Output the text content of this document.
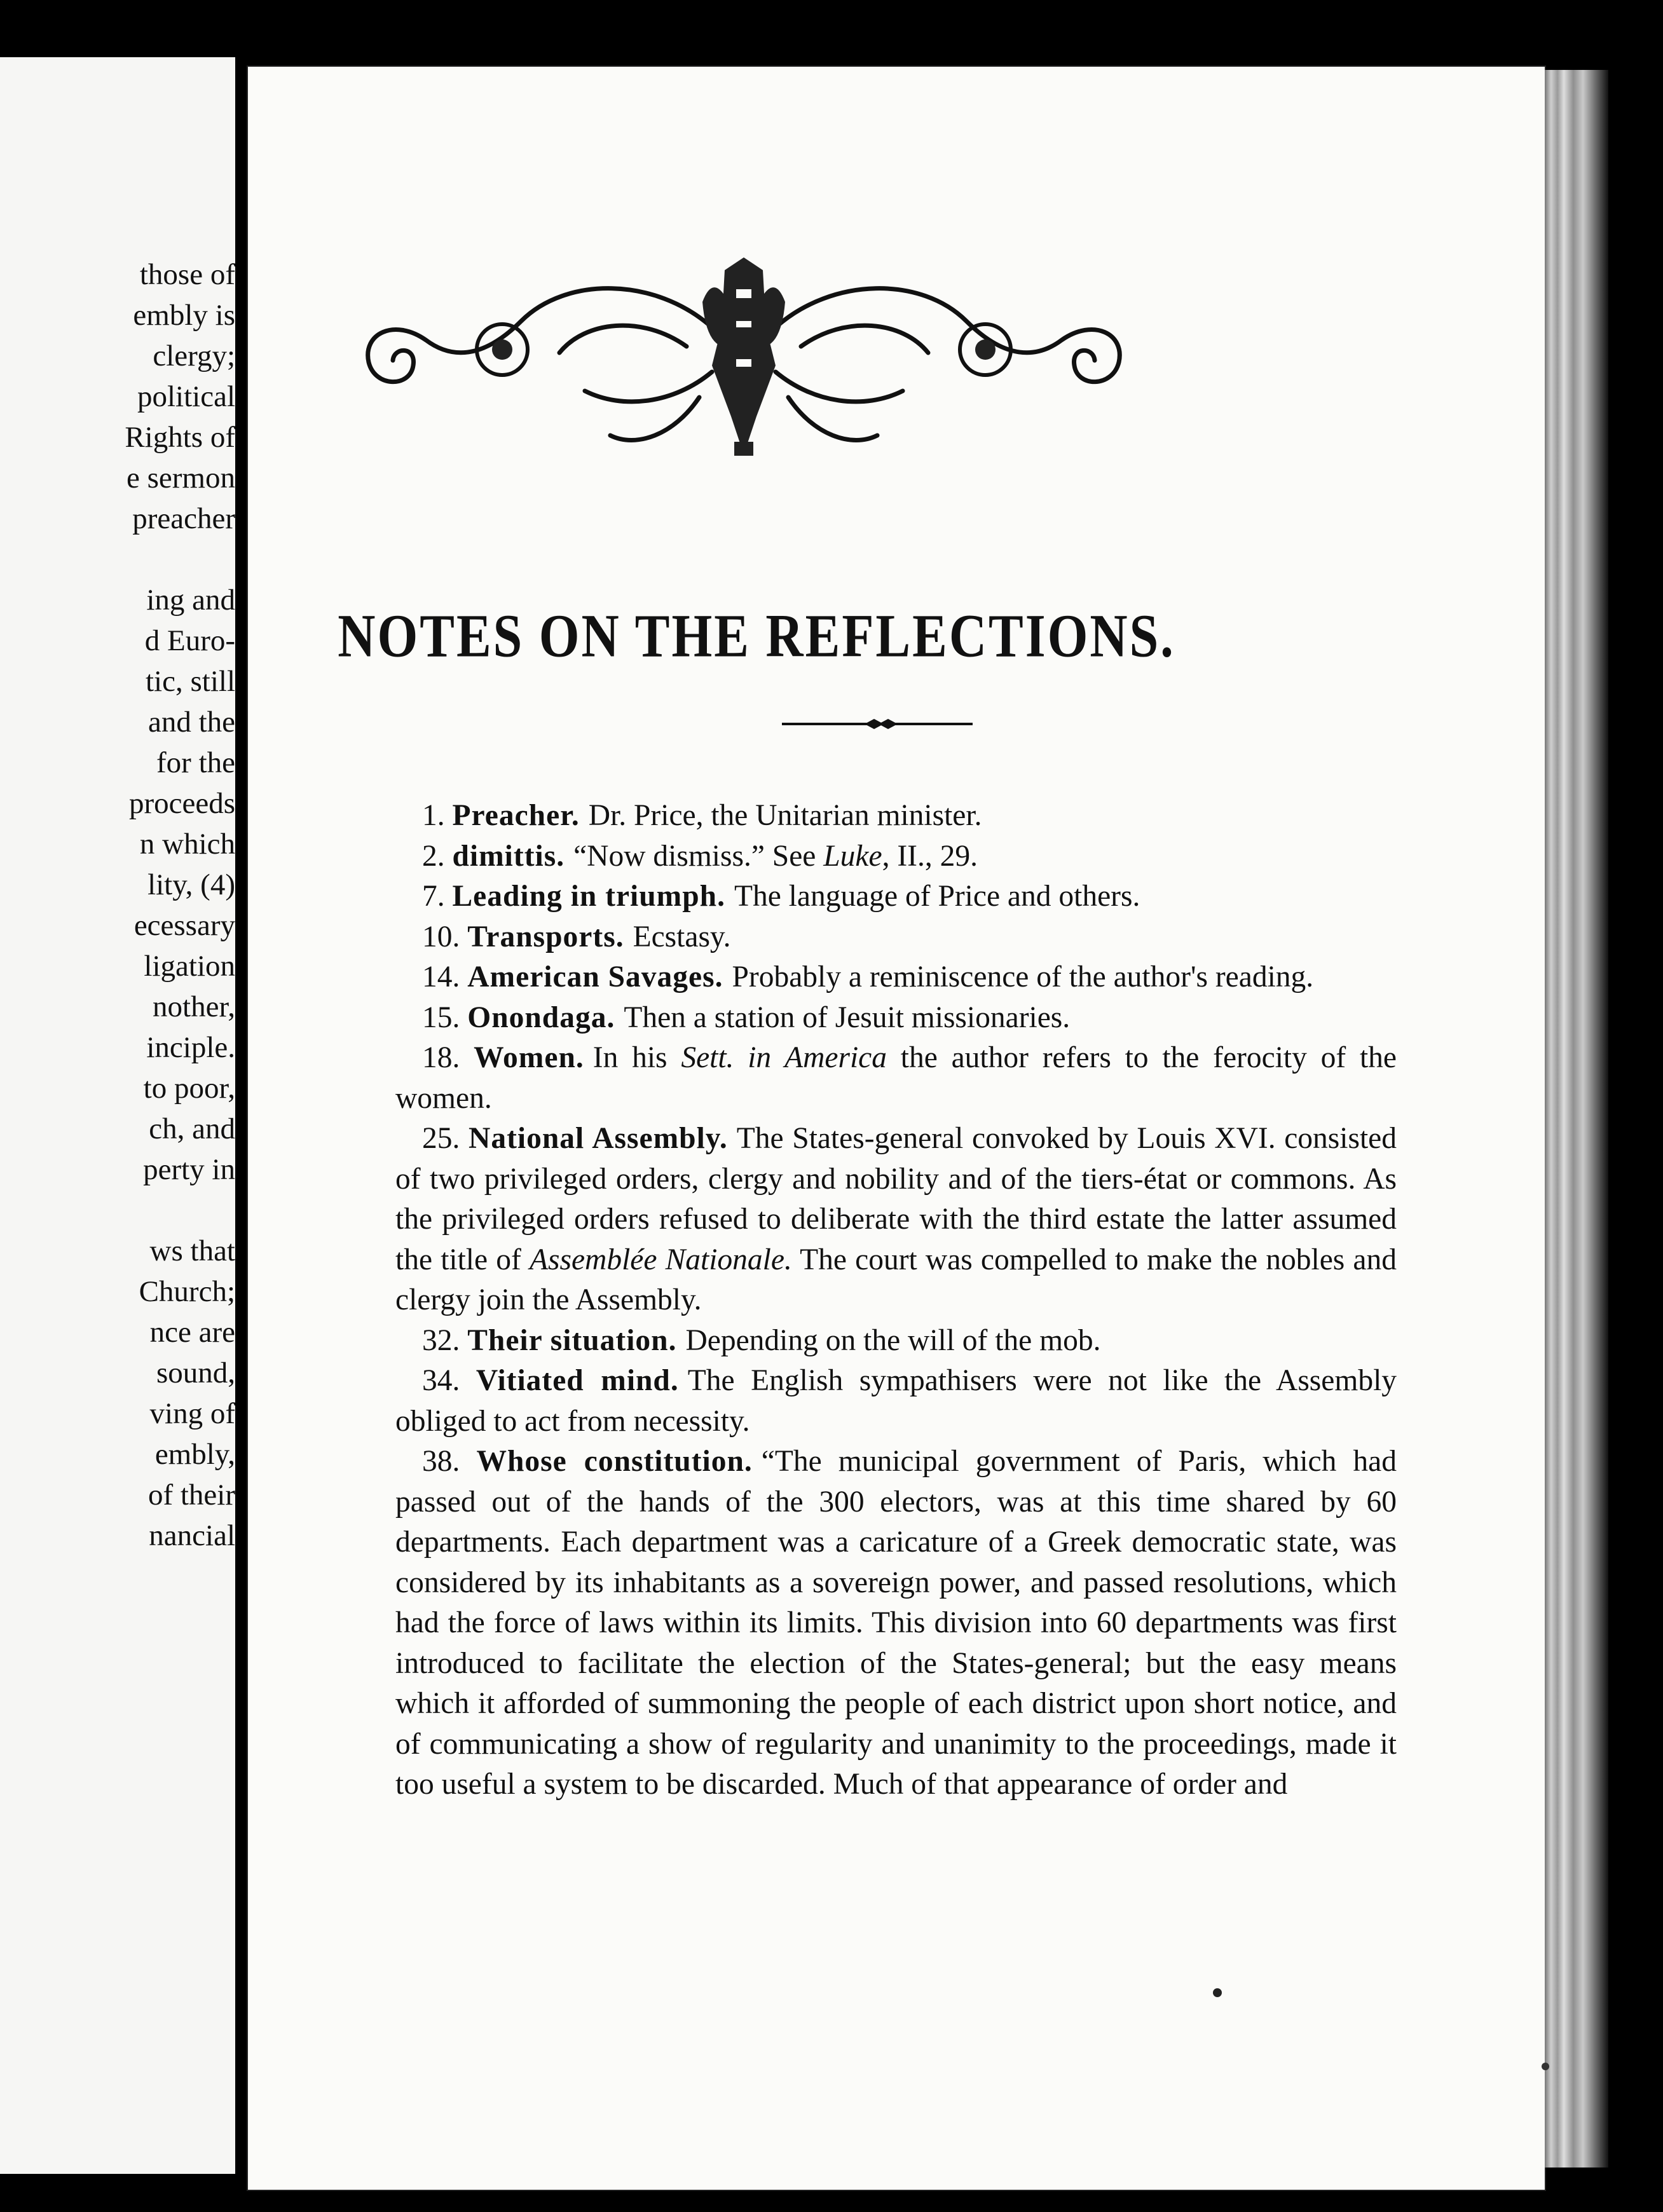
those of
embly is
clergy;
political
Rights of
e sermon
preacher
ing and
d Euro-
tic, still
and the
for the
proceeds
n which
lity, (4)
ecessary
ligation
nother,
inciple.
to poor,
ch, and
perty in
ws that
Church;
nce are
sound,
ving of
embly,
of their
nancial
NOTES ON THE REFLECTIONS.
1. Preacher. Dr. Price, the Unitarian minister.
2. dimittis. “Now dismiss.” See Luke, II., 29.
7. Leading in triumph. The language of Price and others.
10. Transports. Ecstasy.
14. American Savages. Probably a reminiscence of the author's reading.
15. Onondaga. Then a station of Jesuit missionaries.
18. Women. In his Sett. in America the author refers to the ferocity of the women.
25. National Assembly. The States-general convoked by Louis XVI. consisted of two privileged orders, clergy and nobility and of the tiers-état or commons. As the privileged orders refused to deliberate with the third estate the latter assumed the title of Assemblée Nationale. The court was compelled to make the nobles and clergy join the Assembly.
32. Their situation. Depending on the will of the mob.
34. Vitiated mind. The English sympathisers were not like the Assembly obliged to act from necessity.
38. Whose constitution. “The municipal government of Paris, which had passed out of the hands of the 300 electors, was at this time shared by 60 departments. Each department was a caricature of a Greek democratic state, was considered by its inhabitants as a sovereign power, and passed resolutions, which had the force of laws within its limits. This division into 60 departments was first introduced to facilitate the election of the States-general; but the easy means which it afforded of summoning the people of each district upon short notice, and of communicating a show of regularity and unanimity to the proceedings, made it too useful a system to be discarded. Much of that appearance of order and
